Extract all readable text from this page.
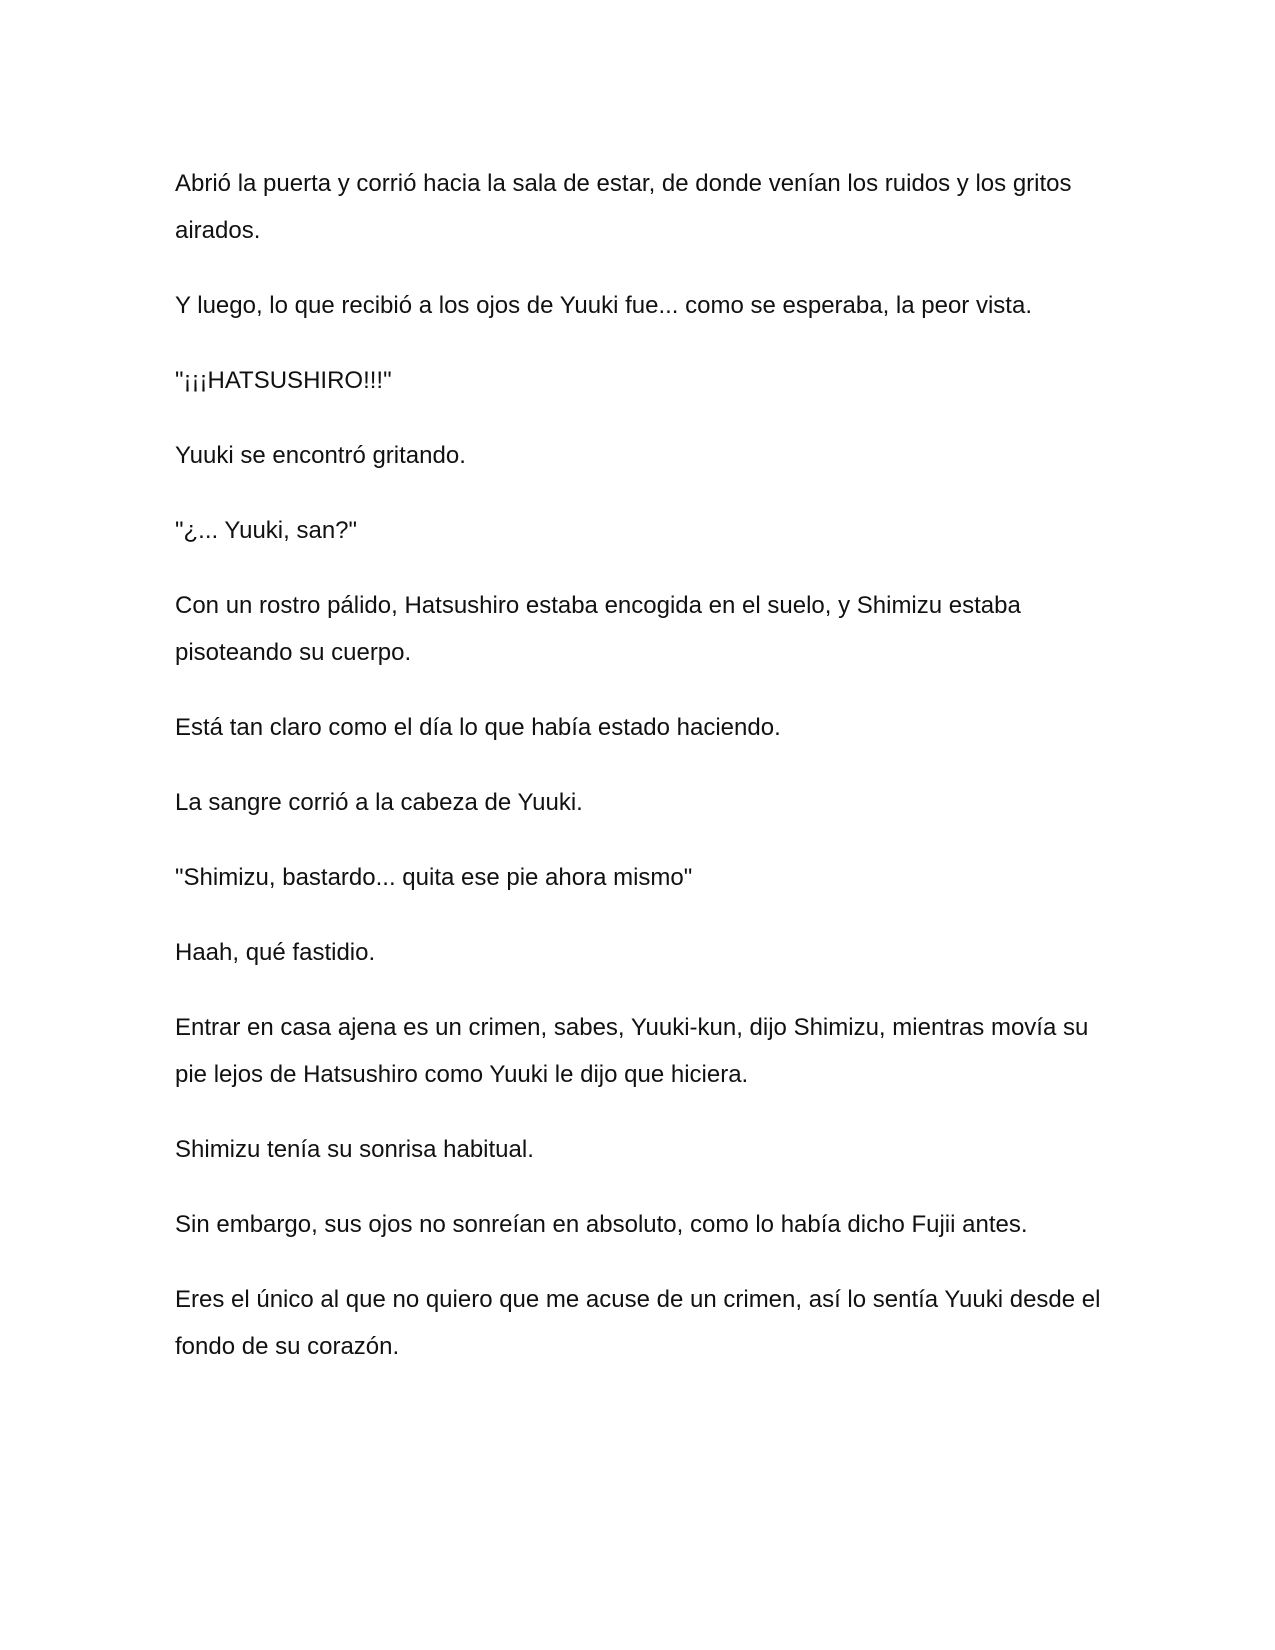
Abrió la puerta y corrió hacia la sala de estar, de donde venían los ruidos y los gritos airados.

Y luego, lo que recibió a los ojos de Yuuki fue... como se esperaba, la peor vista.

"¡¡¡HATSUSHIRO!!!"

Yuuki se encontró gritando.

"¿... Yuuki, san?"

Con un rostro pálido, Hatsushiro estaba encogida en el suelo, y Shimizu estaba pisoteando su cuerpo.

Está tan claro como el día lo que había estado haciendo.

La sangre corrió a la cabeza de Yuuki.

"Shimizu, bastardo... quita ese pie ahora mismo"

Haah, qué fastidio.

Entrar en casa ajena es un crimen, sabes, Yuuki-kun, dijo Shimizu, mientras movía su pie lejos de Hatsushiro como Yuuki le dijo que hiciera.

Shimizu tenía su sonrisa habitual.

Sin embargo, sus ojos no sonreían en absoluto, como lo había dicho Fujii antes.

Eres el único al que no quiero que me acuse de un crimen, así lo sentía Yuuki desde el fondo de su corazón.
